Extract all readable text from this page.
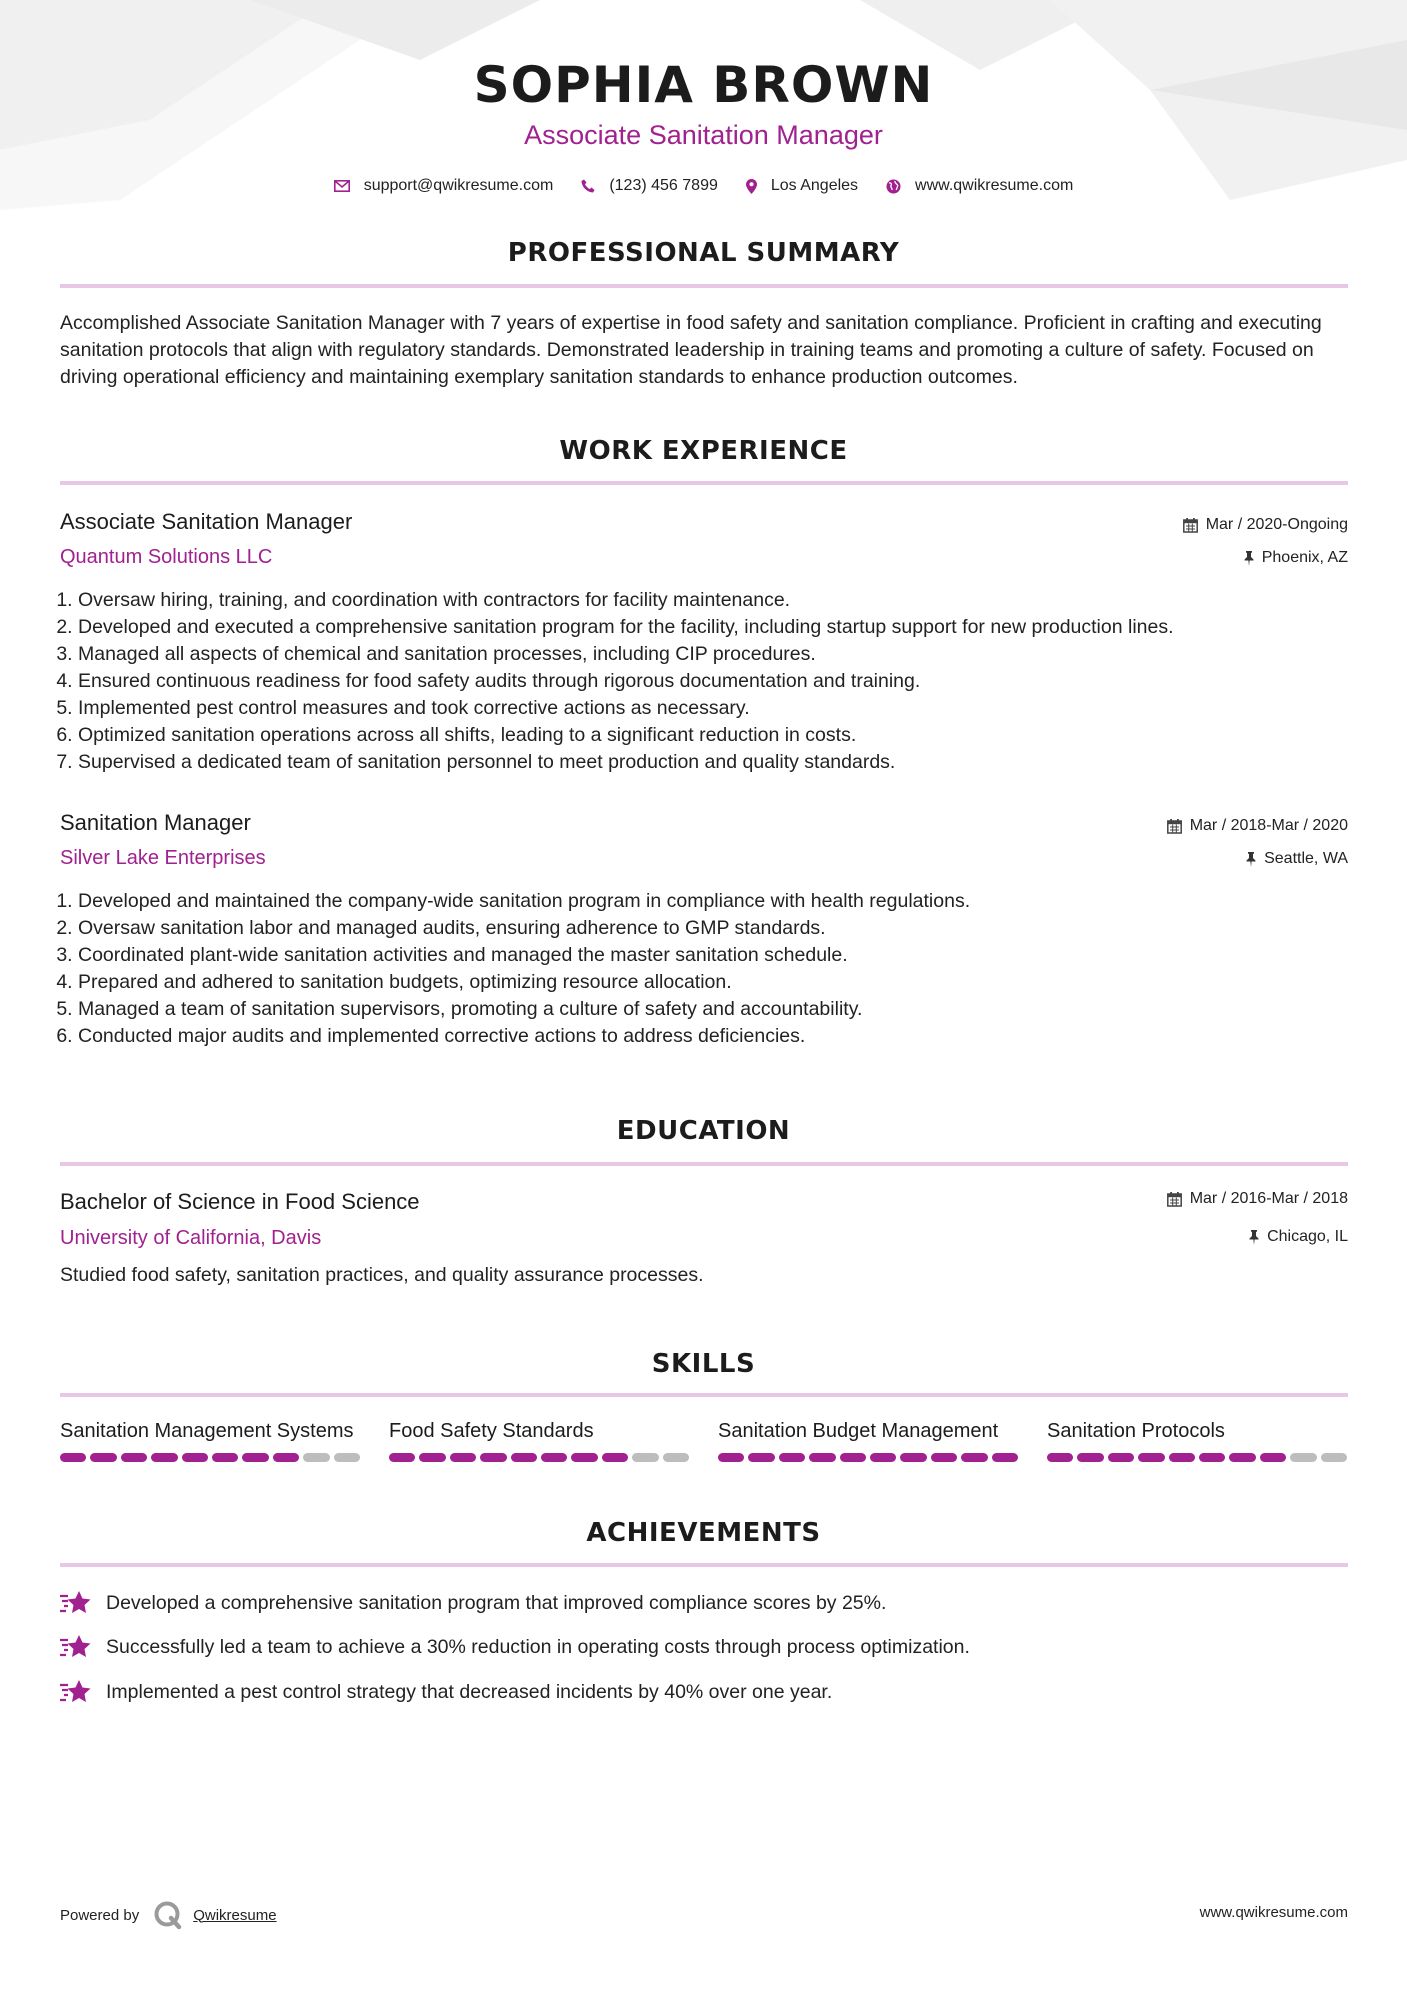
SOPHIA BROWN
Associate Sanitation Manager
support@qwikresume.com	(123) 456 7899	Los Angeles	www.qwikresume.com
PROFESSIONAL SUMMARY
Accomplished Associate Sanitation Manager with 7 years of expertise in food safety and sanitation compliance. Proficient in crafting and executing sanitation protocols that align with regulatory standards. Demonstrated leadership in training teams and promoting a culture of safety. Focused on driving operational efficiency and maintaining exemplary sanitation standards to enhance production outcomes.
WORK EXPERIENCE
Associate Sanitation Manager
Quantum Solutions LLC
Mar / 2020-Ongoing
Phoenix, AZ
1. Oversaw hiring, training, and coordination with contractors for facility maintenance.
2. Developed and executed a comprehensive sanitation program for the facility, including startup support for new production lines.
3. Managed all aspects of chemical and sanitation processes, including CIP procedures.
4. Ensured continuous readiness for food safety audits through rigorous documentation and training.
5. Implemented pest control measures and took corrective actions as necessary.
6. Optimized sanitation operations across all shifts, leading to a significant reduction in costs.
7. Supervised a dedicated team of sanitation personnel to meet production and quality standards.
Sanitation Manager
Silver Lake Enterprises
Mar / 2018-Mar / 2020
Seattle, WA
1. Developed and maintained the company-wide sanitation program in compliance with health regulations.
2. Oversaw sanitation labor and managed audits, ensuring adherence to GMP standards.
3. Coordinated plant-wide sanitation activities and managed the master sanitation schedule.
4. Prepared and adhered to sanitation budgets, optimizing resource allocation.
5. Managed a team of sanitation supervisors, promoting a culture of safety and accountability.
6. Conducted major audits and implemented corrective actions to address deficiencies.
EDUCATION
Bachelor of Science in Food Science
University of California, Davis
Mar / 2016-Mar / 2018
Chicago, IL
Studied food safety, sanitation practices, and quality assurance processes.
SKILLS
Sanitation Management Systems	Food Safety Standards	Sanitation Budget Management	Sanitation Protocols
ACHIEVEMENTS
Developed a comprehensive sanitation program that improved compliance scores by 25%.
Successfully led a team to achieve a 30% reduction in operating costs through process optimization.
Implemented a pest control strategy that decreased incidents by 40% over one year.
Powered by	Qwikresume	www.qwikresume.com
